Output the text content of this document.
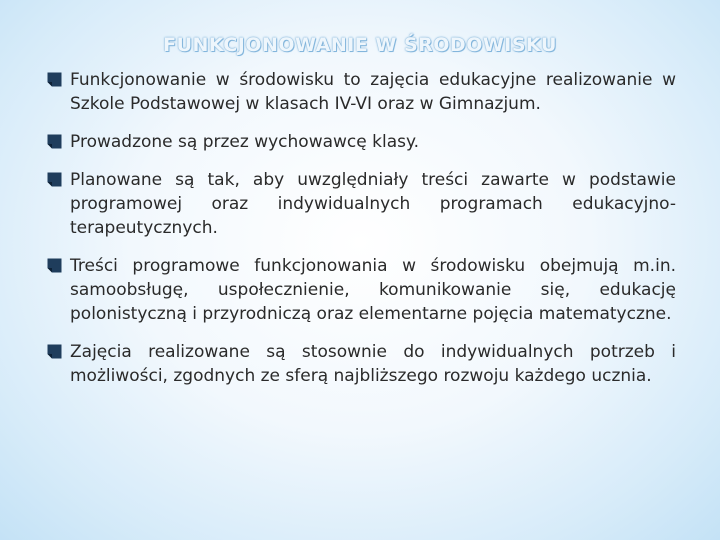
FUNKCJONOWANIE W ŚRODOWISKU
Funkcjonowanie w środowisku to zajęcia edukacyjne realizowanie w Szkole Podstawowej w klasach IV-VI oraz w Gimnazjum.
Prowadzone są przez wychowawcę klasy.
Planowane są tak, aby uwzględniały treści zawarte w podstawie programowej oraz indywidualnych programach edukacyjno-terapeutycznych.
Treści programowe funkcjonowania w środowisku obejmują m.in. samoobsługę, uspołecznienie, komunikowanie się, edukację polonistyczną i przyrodniczą oraz elementarne pojęcia matematyczne.
Zajęcia realizowane są stosownie do indywidualnych potrzeb i możliwości, zgodnych ze sferą najbliższego rozwoju każdego ucznia.
